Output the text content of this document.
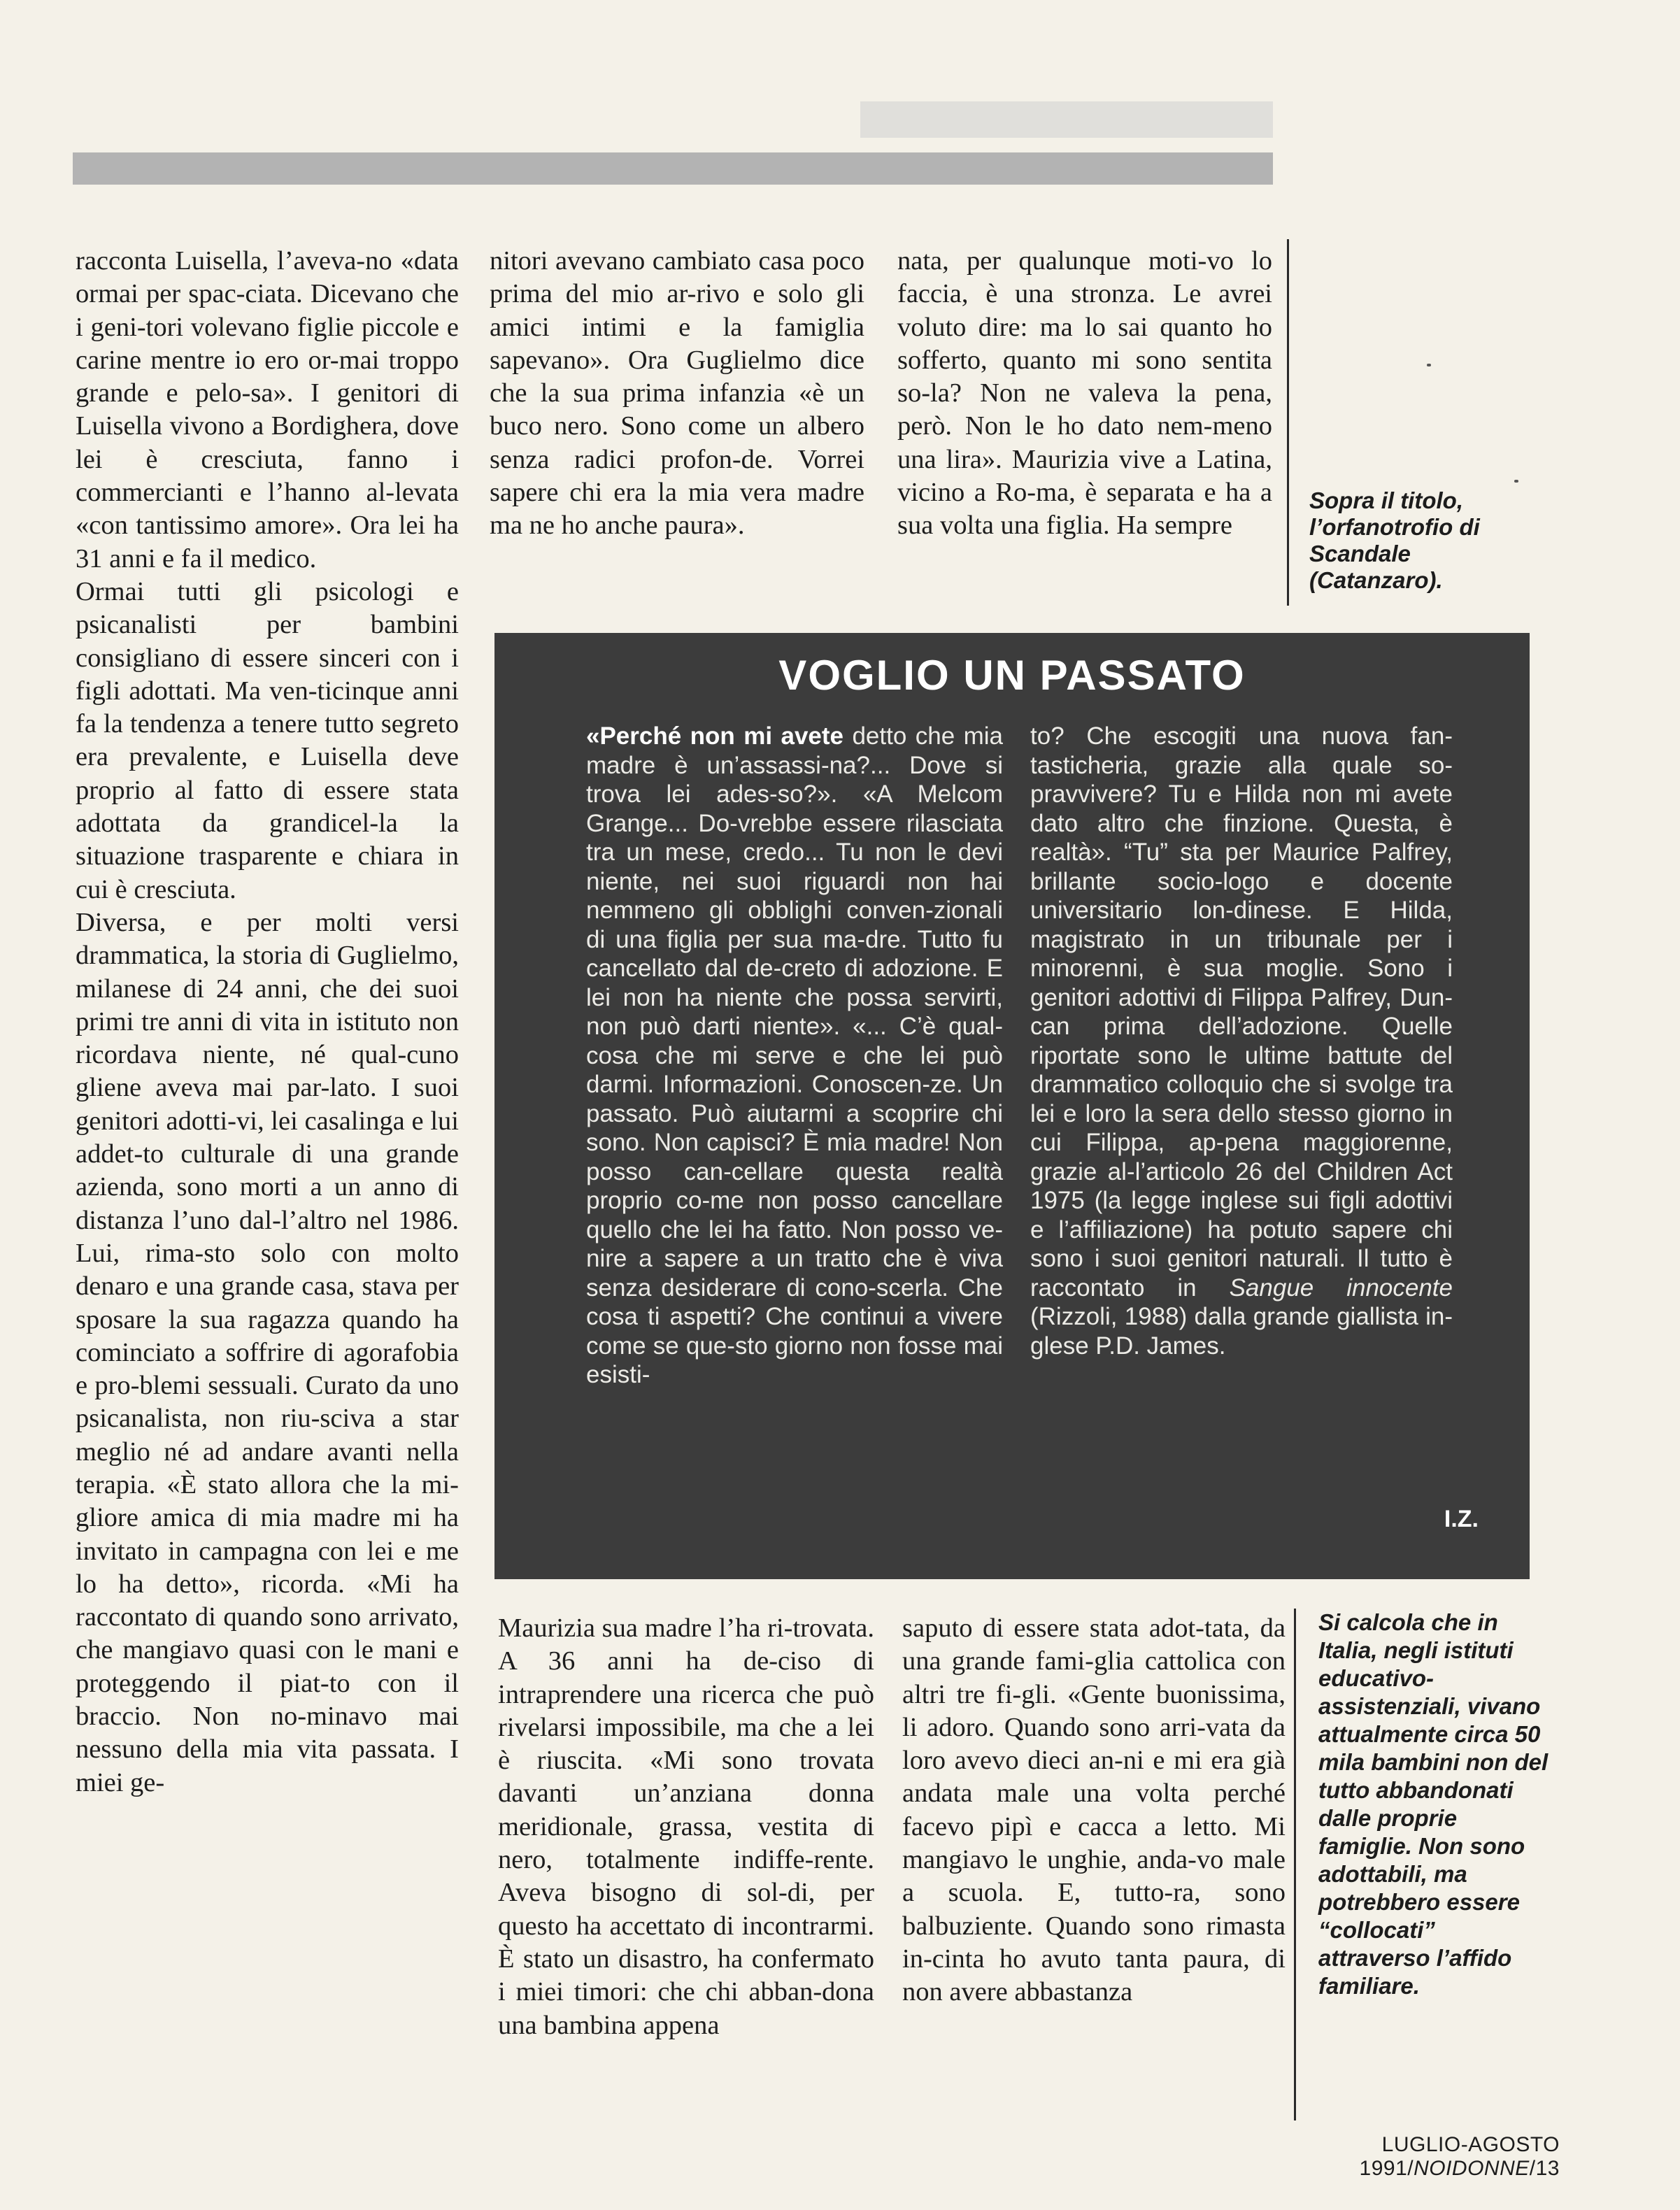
racconta Luisella, l’aveva-no «data ormai per spac-ciata. Dicevano che i geni-tori volevano figlie piccole e carine mentre io ero or-mai troppo grande e pelo-sa». I genitori di Luisella vivono a Bordighera, dove lei è cresciuta, fanno i commercianti e l’hanno al-levata «con tantissimo amore». Ora lei ha 31 anni e fa il medico.

Ormai tutti gli psicologi e psicanalisti per bambini consigliano di essere sinceri con i figli adottati. Ma ven-ticinque anni fa la tendenza a tenere tutto segreto era prevalente, e Luisella deve proprio al fatto di essere stata adottata da grandicel-la la situazione trasparente e chiara in cui è cresciuta.

Diversa, e per molti versi drammatica, la storia di Guglielmo, milanese di 24 anni, che dei suoi primi tre anni di vita in istituto non ricordava niente, né qual-cuno gliene aveva mai par-lato. I suoi genitori adotti-vi, lei casalinga e lui addet-to culturale di una grande azienda, sono morti a un anno di distanza l’uno dal-l’altro nel 1986. Lui, rima-sto solo con molto denaro e una grande casa, stava per sposare la sua ragazza quando ha cominciato a soffrire di agorafobia e pro-blemi sessuali. Curato da uno psicanalista, non riu-sciva a star meglio né ad andare avanti nella terapia. «È stato allora che la mi-gliore amica di mia madre mi ha invitato in campagna con lei e me lo ha detto», ricorda. «Mi ha raccontato di quando sono arrivato, che mangiavo quasi con le mani e proteggendo il piat-to con il braccio. Non no-minavo mai nessuno della mia vita passata. I miei ge-

nitori avevano cambiato casa poco prima del mio ar-rivo e solo gli amici intimi e la famiglia sapevano». Ora Guglielmo dice che la sua prima infanzia «è un buco nero. Sono come un albero senza radici profon-de. Vorrei sapere chi era la mia vera madre ma ne ho anche paura».

nata, per qualunque moti-vo lo faccia, è una stronza. Le avrei voluto dire: ma lo sai quanto ho sofferto, quanto mi sono sentita so-la? Non ne valeva la pena, però. Non le ho dato nem-meno una lira». Maurizia vive a Latina, vicino a Ro-ma, è separata e ha a sua volta una figlia. Ha sempre

Sopra il titolo, l’orfanotrofio di Scandale (Catanzaro).
VOGLIO UN PASSATO
«Perché non mi avete detto che mia madre è un’assassi-na?... Dove si trova lei ades-so?». «A Melcom Grange... Do-vrebbe essere rilasciata tra un mese, credo... Tu non le devi niente, nei suoi riguardi non hai nemmeno gli obblighi conven-zionali di una figlia per sua ma-dre. Tutto fu cancellato dal de-creto di adozione. E lei non ha niente che possa servirti, non può darti niente». «... C’è qual-cosa che mi serve e che lei può darmi. Informazioni. Conoscen-ze. Un passato. Può aiutarmi a scoprire chi sono. Non capisci? È mia madre! Non posso can-cellare questa realtà proprio co-me non posso cancellare quello che lei ha fatto. Non posso ve-nire a sapere a un tratto che è viva senza desiderare di cono-scerla. Che cosa ti aspetti? Che continui a vivere come se que-sto giorno non fosse mai esisti-
to? Che escogiti una nuova fan-tasticheria, grazie alla quale so-pravvivere? Tu e Hilda non mi avete dato altro che finzione. Questa, è realtà». “Tu” sta per Maurice Palfrey, brillante socio-logo e docente universitario lon-dinese. E Hilda, magistrato in un tribunale per i minorenni, è sua moglie. Sono i genitori adottivi di Filippa Palfrey, Dun-can prima dell’adozione. Quelle riportate sono le ultime battute del drammatico colloquio che si svolge tra lei e loro la sera dello stesso giorno in cui Filippa, ap-pena maggiorenne, grazie al-l’articolo 26 del Children Act 1975 (la legge inglese sui figli adottivi e l’affiliazione) ha potuto sapere chi sono i suoi genitori naturali. Il tutto è raccontato in Sangue innocente (Rizzoli, 1988) dalla grande giallista in-glese P.D. James.
I.Z.

Maurizia sua madre l’ha ri-trovata. A 36 anni ha de-ciso di intraprendere una ricerca che può rivelarsi impossibile, ma che a lei è riuscita. «Mi sono trovata davanti un’anziana donna meridionale, grassa, vestita di nero, totalmente indiffe-rente. Aveva bisogno di sol-di, per questo ha accettato di incontrarmi. È stato un disastro, ha confermato i miei timori: che chi abban-dona una bambina appena

saputo di essere stata adot-tata, da una grande fami-glia cattolica con altri tre fi-gli. «Gente buonissima, li adoro. Quando sono arri-vata da loro avevo dieci an-ni e mi era già andata male una volta perché facevo pipì e cacca a letto. Mi mangiavo le unghie, anda-vo male a scuola. E, tutto-ra, sono balbuziente. Quando sono rimasta in-cinta ho avuto tanta paura, di non avere abbastanza

Si calcola che in Italia, negli istituti educativo-assistenziali, vivano attualmente circa 50 mila bambini non del tutto abbandonati dalle proprie famiglie. Non sono adottabili, ma potrebbero essere “collocati” attraverso l’affido familiare.
LUGLIO-AGOSTO 1991/NOIDONNE/13
